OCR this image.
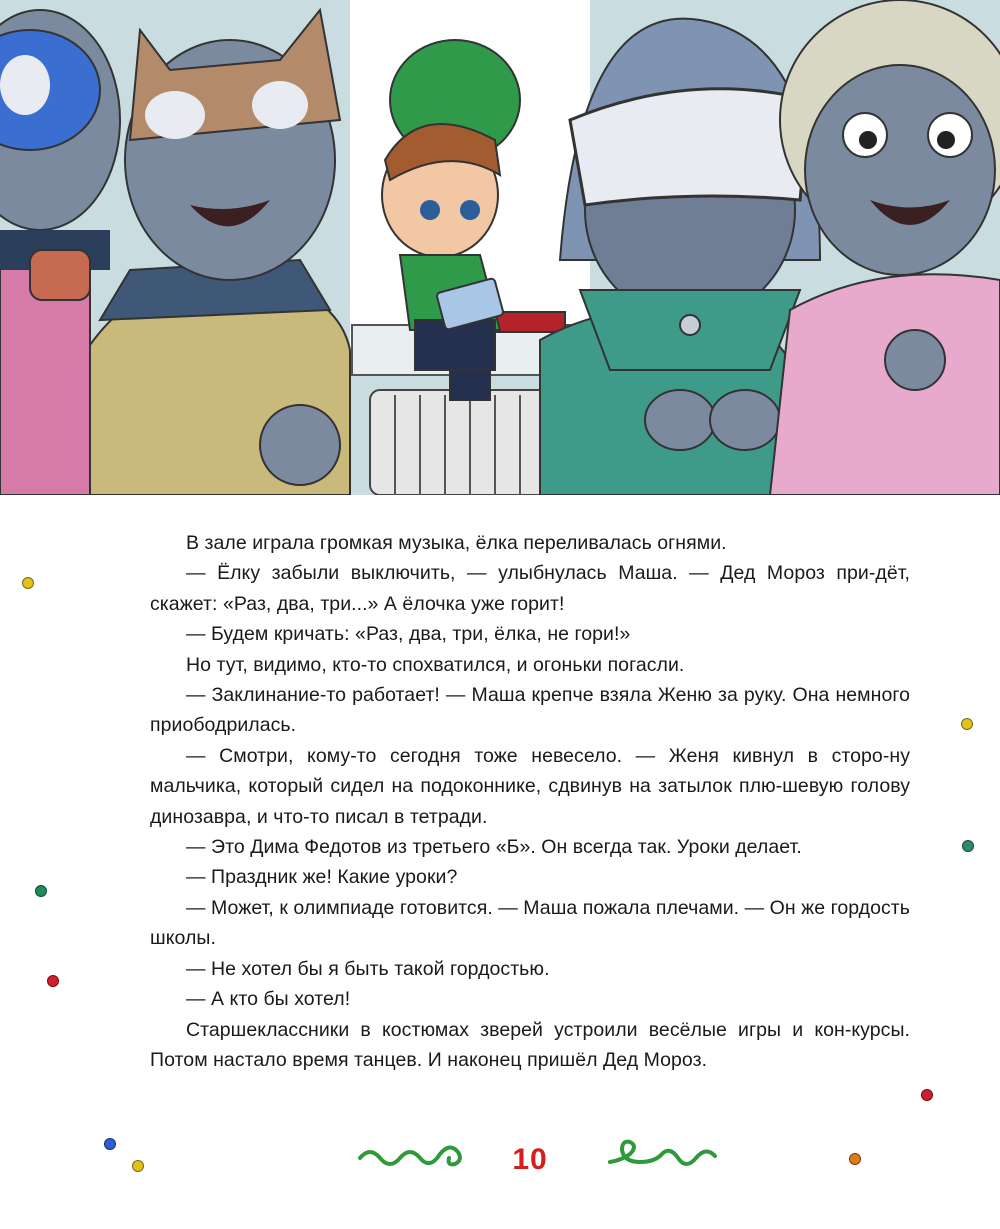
В зале играла громкая музыка, ёлка переливалась огнями.

— Ёлку забыли выключить, — улыбнулась Маша. — Дед Мороз при-дёт, скажет: «Раз, два, три...» А ёлочка уже горит!

— Будем кричать: «Раз, два, три, ёлка, не гори!»

Но тут, видимо, кто-то спохватился, и огоньки погасли.

— Заклинание-то работает! — Маша крепче взяла Женю за руку. Она немного приободрилась.

— Смотри, кому-то сегодня тоже невесело. — Женя кивнул в сторо-ну мальчика, который сидел на подоконнике, сдвинув на затылок плю-шевую голову динозавра, и что-то писал в тетради.

— Это Дима Федотов из третьего «Б». Он всегда так. Уроки делает.

— Праздник же! Какие уроки?

— Может, к олимпиаде готовится. — Маша пожала плечами. — Он же гордость школы.

— Не хотел бы я быть такой гордостью.

— А кто бы хотел!

Старшеклассники в костюмах зверей устроили весёлые игры и кон-курсы. Потом настало время танцев. И наконец пришёл Дед Мороз.

10
